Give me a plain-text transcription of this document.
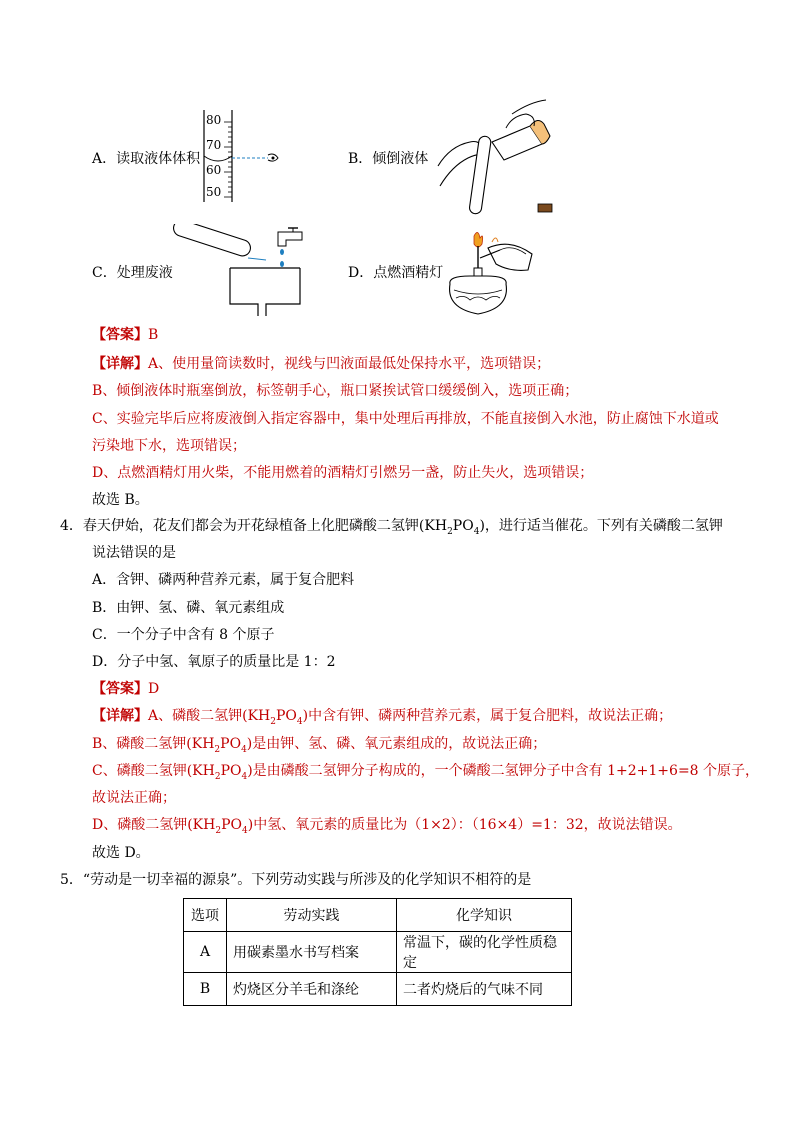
A．读取液体体积
80
70
60
50
B．倾倒液体
C．处理废液	D．点燃酒精灯
【答案】B
【详解】A、使用量筒读数时，视线与凹液面最低处保持水平，选项错误；
B、倾倒液体时瓶塞倒放，标签朝手心，瓶口紧挨试管口缓缓倒入，选项正确；
C、实验完毕后应将废液倒入指定容器中，集中处理后再排放，不能直接倒入水池，防止腐蚀下水道或
污染地下水，选项错误；
D、点燃酒精灯用火柴，不能用燃着的酒精灯引燃另一盏，防止失火，选项错误；
故选 B。
4．春天伊始，花友们都会为开花绿植备上化肥磷酸二氢钾$(KH_2PO_4)$，进行适当催花。下列有关磷酸二氢钾
说法错误的是
A．含钾、磷两种营养元素，属于复合肥料
B．由钾、氢、磷、氧元素组成
C．一个分子中含有 8 个原子
D．分子中氢、氧原子的质量比是 1：2
【答案】D
【详解】A、磷酸二氢钾$(KH_2PO_4)$中含有钾、磷两种营养元素，属于复合肥料，故说法正确；
B、磷酸二氢钾$(KH_2PO_4)$是由钾、氢、磷、氧元素组成的，故说法正确；
C、磷酸二氢钾$(KH_2PO_4)$是由磷酸二氢钾分子构成的，一个磷酸二氢钾分子中含有 1+2+1+6=8 个原子，
故说法正确；
D、磷酸二氢钾$(KH_2PO_4)$中氢、氧元素的质量比为（1×2）：（16×4）=1：32，故说法错误。
故选 D。
5．“劳动是一切幸福的源泉”。下列劳动实践与所涉及的化学知识不相符的是
选项	劳动实践	化学知识
A	用碳素墨水书写档案	常温下，碳的化学性质稳定
B	灼烧区分羊毛和涤纶	二者灼烧后的气味不同
